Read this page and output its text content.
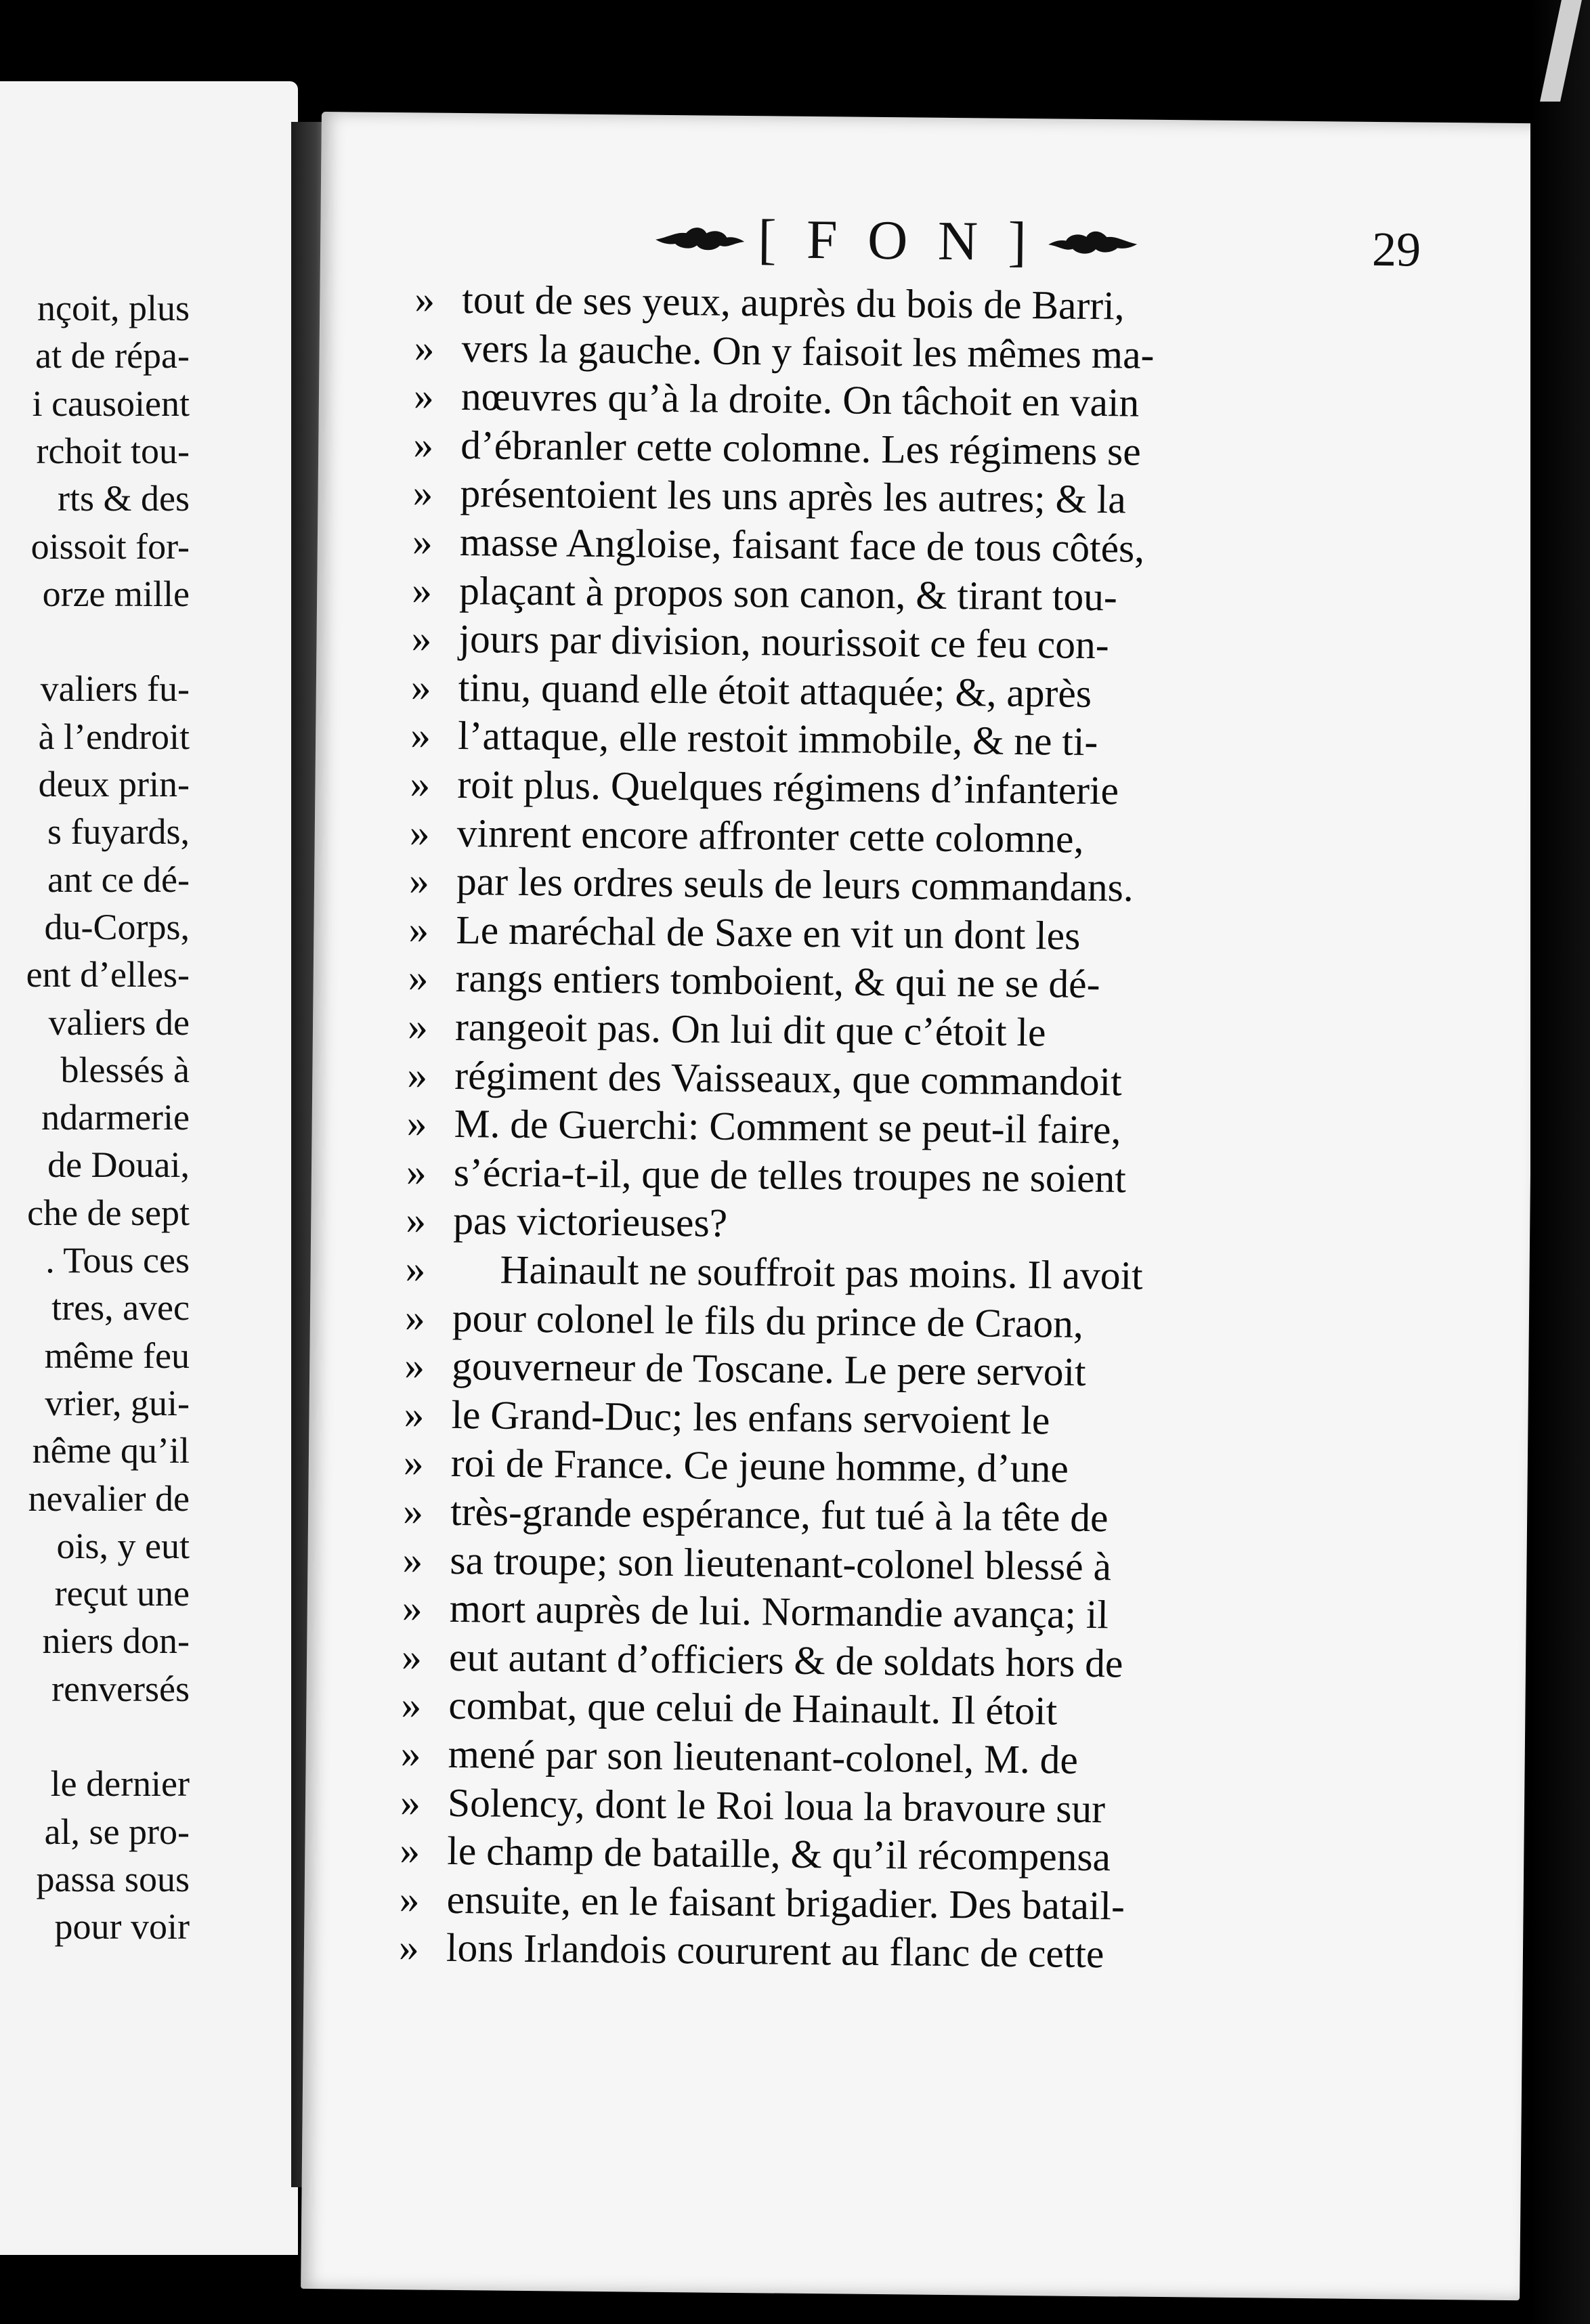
nçoit, plus
at de répa-
i causoient
rchoit tou-
rts & des
oissoit for-
orze mille
valiers fu-
à l’endroit
deux prin-
s fuyards,
ant ce dé-
du-Corps,
ent d’elles-
valiers de
blessés à
ndarmerie
de Douai,
che de sept
. Tous ces
tres, avec
même feu
vrier, gui-
nême qu’il
nevalier de
ois, y eut
reçut une
niers don-
renversés
le dernier
al, se pro-
passa sous
pour voir
[ F O N ]	29
» tout de ses yeux, auprès du bois de Barri,
» vers la gauche. On y faisoit les mêmes ma-
» nœuvres qu’à la droite. On tâchoit en vain
» d’ébranler cette colomne. Les régimens se
» présentoient les uns après les autres; & la
» masse Angloise, faisant face de tous côtés,
» plaçant à propos son canon, & tirant tou-
» jours par division, nourissoit ce feu con-
» tinu, quand elle étoit attaquée; &, après
» l’attaque, elle restoit immobile, & ne ti-
» roit plus. Quelques régimens d’infanterie
» vinrent encore affronter cette colomne,
» par les ordres seuls de leurs commandans.
» Le maréchal de Saxe en vit un dont les
» rangs entiers tomboient, & qui ne se dé-
» rangeoit pas. On lui dit que c’étoit le
» régiment des Vaisseaux, que commandoit
» M. de Guerchi: Comment se peut-il faire,
» s’écria-t-il, que de telles troupes ne soient
» pas victorieuses?
» Hainault ne souffroit pas moins. Il avoit
» pour colonel le fils du prince de Craon,
» gouverneur de Toscane. Le pere servoit
» le Grand-Duc; les enfans servoient le
» roi de France. Ce jeune homme, d’une
» très-grande espérance, fut tué à la tête de
» sa troupe; son lieutenant-colonel blessé à
» mort auprès de lui. Normandie avança; il
» eut autant d’officiers & de soldats hors de
» combat, que celui de Hainault. Il étoit
» mené par son lieutenant-colonel, M. de
» Solency, dont le Roi loua la bravoure sur
» le champ de bataille, & qu’il récompensa
» ensuite, en le faisant brigadier. Des batail-
» lons Irlandois coururent au flanc de cette
